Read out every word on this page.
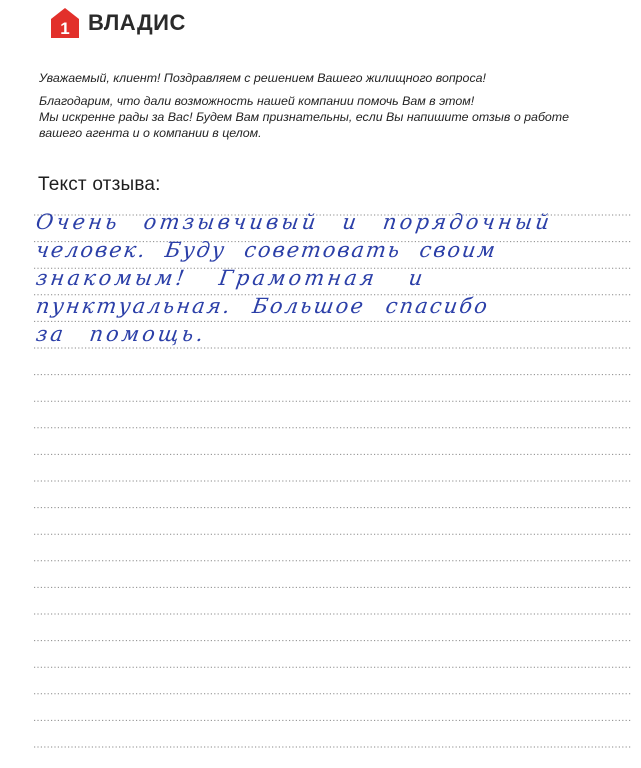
1 ВЛАДИС

Уважаемый, клиент! Поздравляем с решением Вашего жилищного вопроса!

Благодарим, что дали возможность нашей компании помочь Вам в этом!

Мы искренне рады за Вас! Будем Вам признательны, если Вы напишите отзыв о работе

вашего агента и о компании в целом.

Текст отзыва:
Очень отзывчивый и порядочный
человек. Буду советовать своим
знакомым! Грамотная и
пунктуальная. Большое спасибо
за помощь.
